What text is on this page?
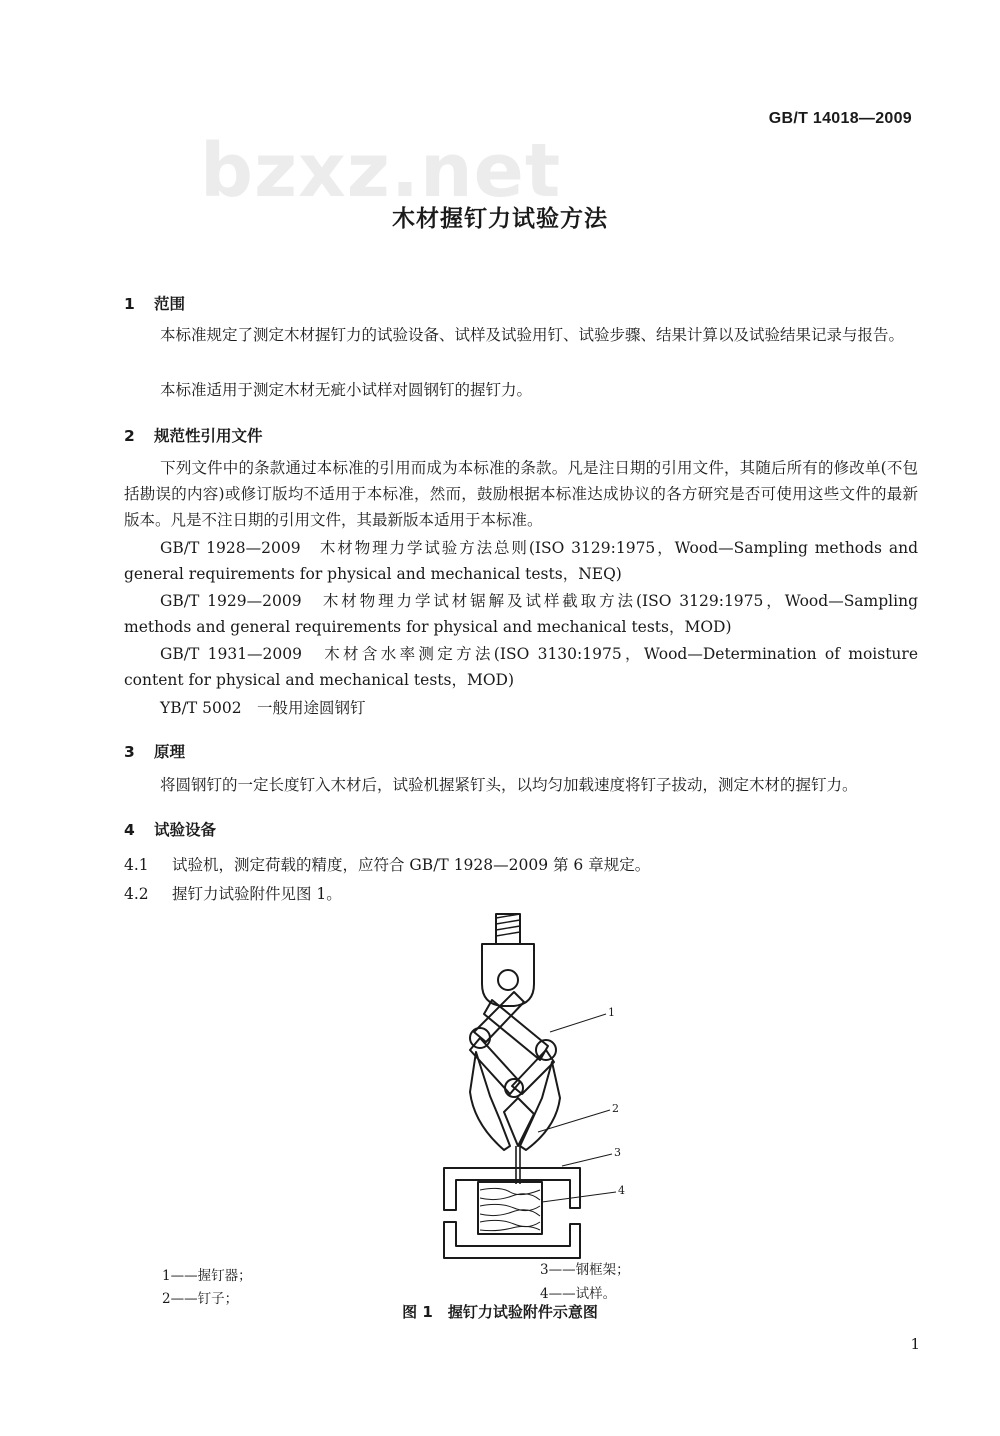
bzxz.net
GB/T 14018—2009
木材握钉力试验方法
1 范围
本标准规定了测定木材握钉力的试验设备、试样及试验用钉、试验步骤、结果计算以及试验结果记录与报告。
本标准适用于测定木材无疵小试样对圆钢钉的握钉力。
2 规范性引用文件
下列文件中的条款通过本标准的引用而成为本标准的条款。凡是注日期的引用文件，其随后所有的修改单(不包括勘误的内容)或修订版均不适用于本标准，然而，鼓励根据本标准达成协议的各方研究是否可使用这些文件的最新版本。凡是不注日期的引用文件，其最新版本适用于本标准。
GB/T 1928—2009　木材物理力学试验方法总则(ISO 3129:1975，Wood—Sampling methods and general requirements for physical and mechanical tests，NEQ)
GB/T 1929—2009　木材物理力学试材锯解及试样截取方法(ISO 3129:1975，Wood—Sampling methods and general requirements for physical and mechanical tests，MOD)
GB/T 1931—2009　木材含水率测定方法(ISO 3130:1975，Wood—Determination of moisture content for physical and mechanical tests，MOD)
YB/T 5002　一般用途圆钢钉
3 原理
将圆钢钉的一定长度钉入木材后，试验机握紧钉头，以均匀加载速度将钉子拔动，测定木材的握钉力。
4 试验设备
4.1 试验机，测定荷载的精度，应符合 GB/T 1928—2009 第 6 章规定。
4.2 握钉力试验附件见图 1。
1
2
3
4
1——握钉器；
2——钉子；
3——钢框架；
4——试样。
图 1　握钉力试验附件示意图
1
